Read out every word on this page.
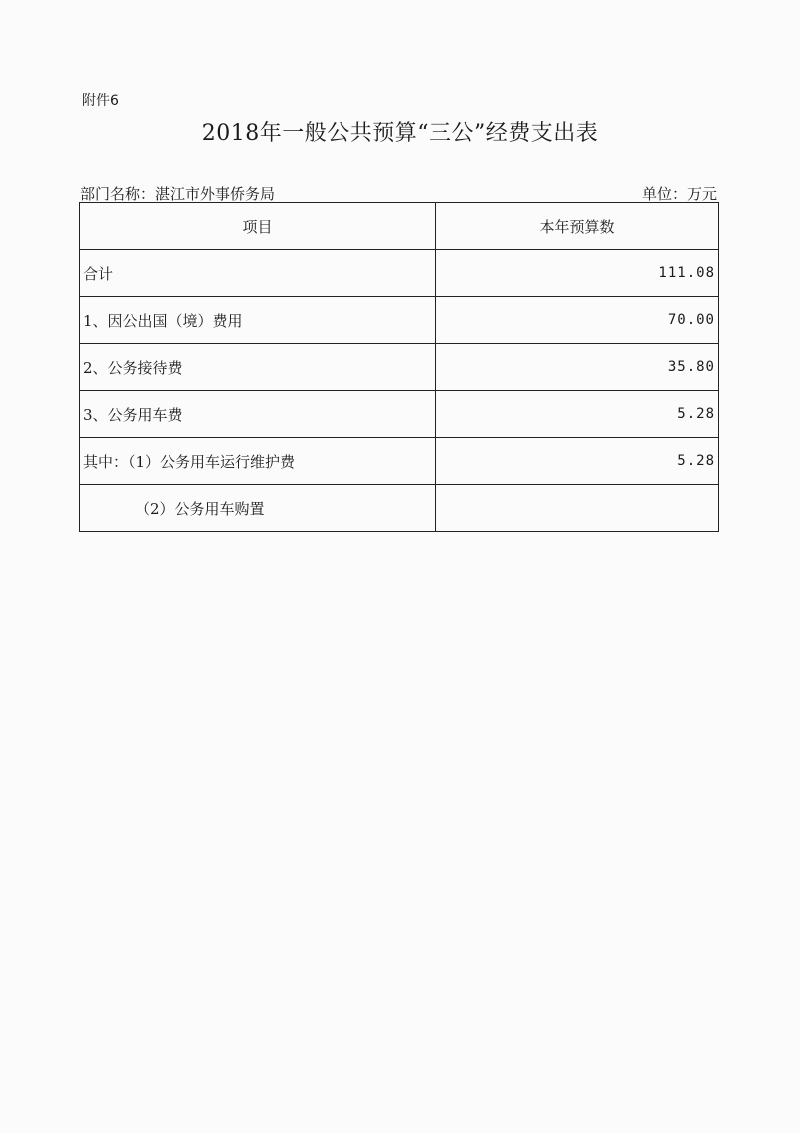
附件6
2018年一般公共预算“三公”经费支出表
部门名称：湛江市外事侨务局	单位：万元
项目	本年预算数
合计	111.08
1、因公出国（境）费用	70.00
2、公务接待费	35.80
3、公务用车费	5.28
其中：（1）公务用车运行维护费	5.28
（2）公务用车购置	
